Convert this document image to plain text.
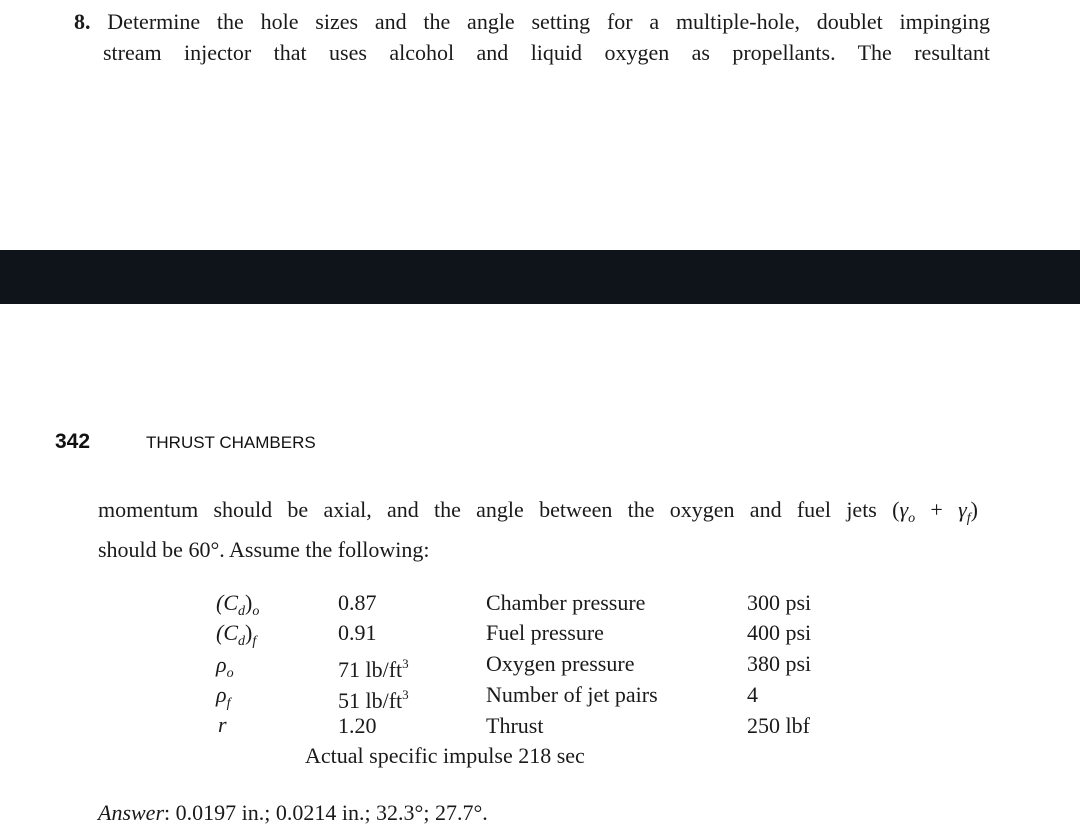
8. Determine the hole sizes and the angle setting for a multiple-hole, doublet impinging
stream injector that uses alcohol and liquid oxygen as propellants. The resultant
342	THRUST CHAMBERS
momentum should be axial, and the angle between the oxygen and fuel jets $(\gamma_o + \gamma_f)$
should be 60°. Assume the following:
$(C_d)_o$
$(C_d)_f$
$\rho_o$
$\rho_f$
r
0.87
0.91
71 $lb/ft^3$
51 $lb/ft^3$
1.20
Chamber pressure
Fuel pressure
Oxygen pressure
Number of jet pairs
Thrust
300 psi
400 psi
380 psi
4
250 lbf
Actual specific impulse 218 sec
Answer: 0.0197 in.; 0.0214 in.; 32.3°; 27.7°.
